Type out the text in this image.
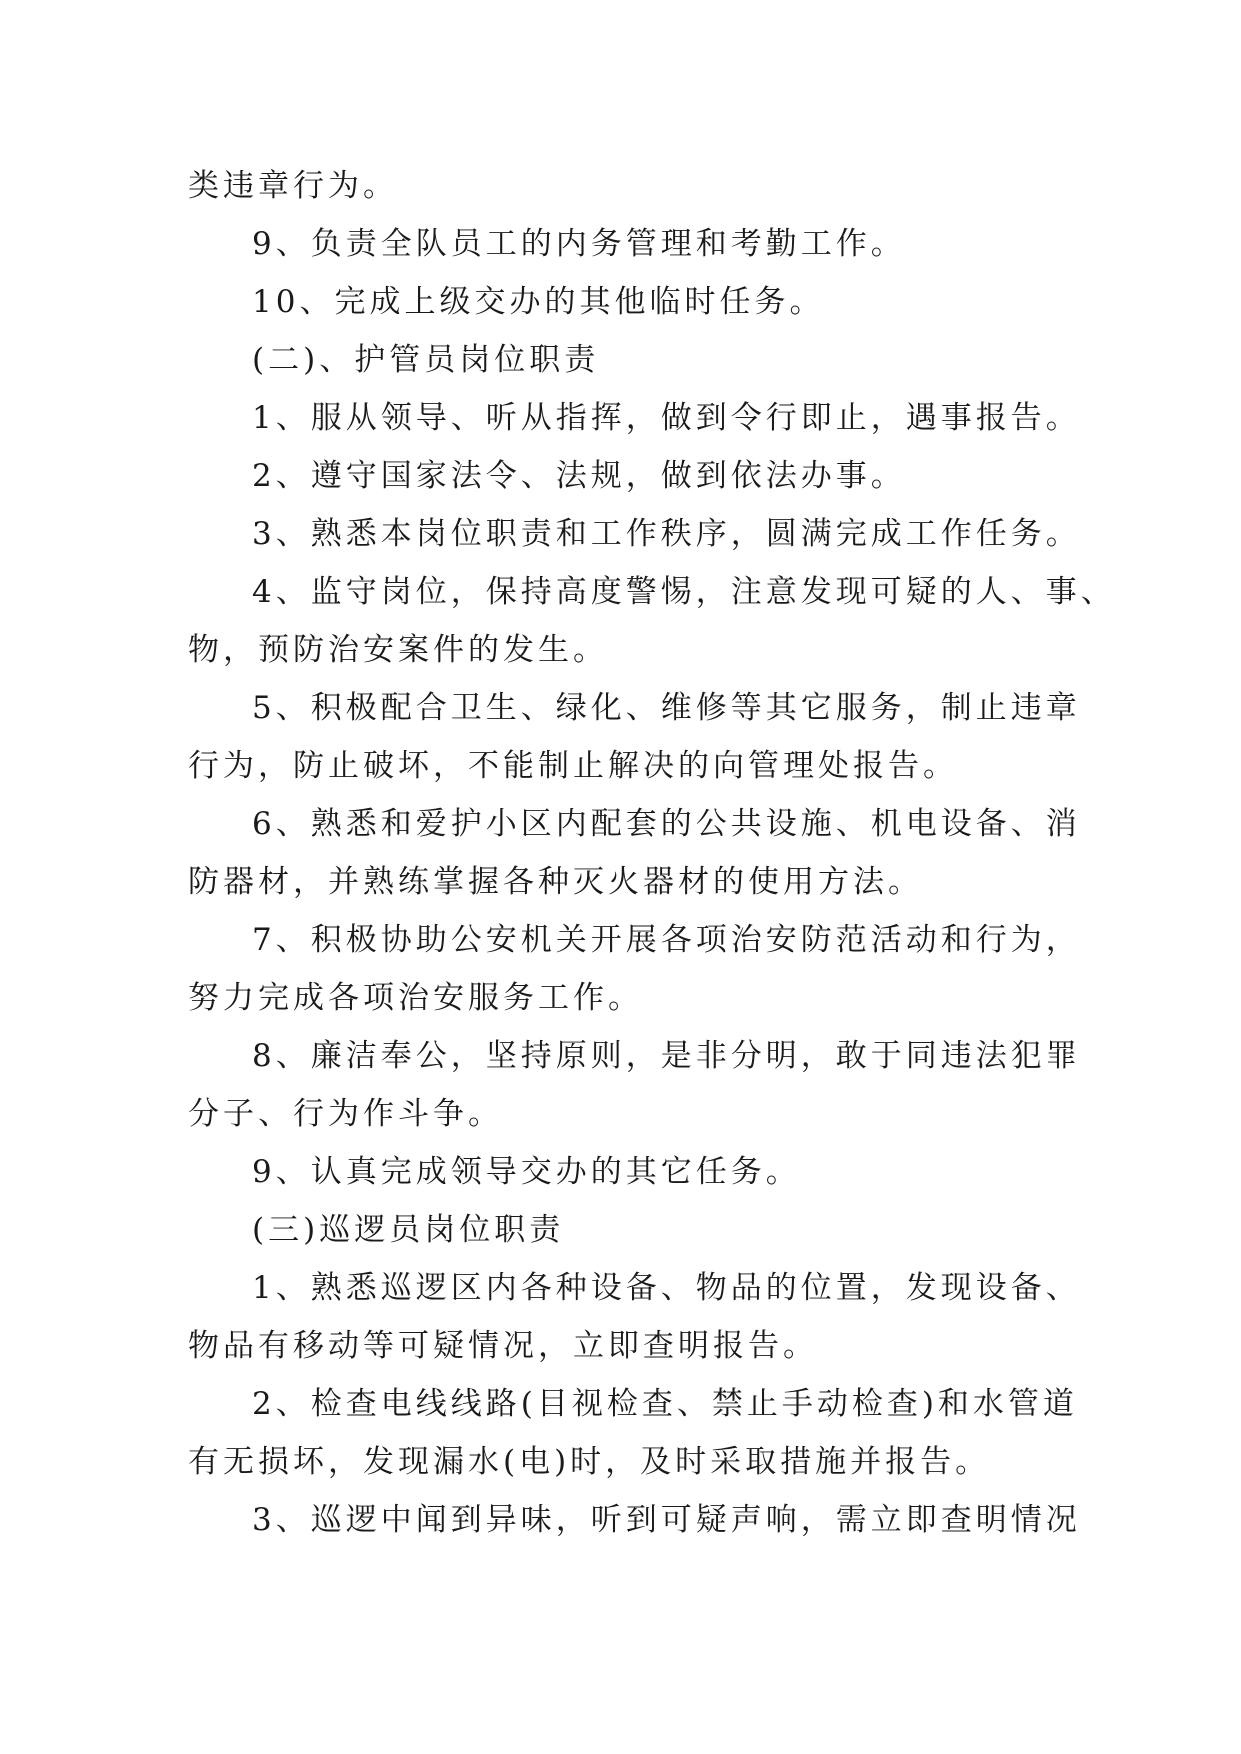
类违章行为。
9、负责全队员工的内务管理和考勤工作。
10、完成上级交办的其他临时任务。
(二)、护管员岗位职责
1、服从领导、听从指挥，做到令行即止，遇事报告。
2、遵守国家法令、法规，做到依法办事。
3、熟悉本岗位职责和工作秩序，圆满完成工作任务。
4、监守岗位，保持高度警惕，注意发现可疑的人、事、
物，预防治安案件的发生。
5、积极配合卫生、绿化、维修等其它服务，制止违章
行为，防止破坏，不能制止解决的向管理处报告。
6、熟悉和爱护小区内配套的公共设施、机电设备、消
防器材，并熟练掌握各种灭火器材的使用方法。
7、积极协助公安机关开展各项治安防范活动和行为，
努力完成各项治安服务工作。
8、廉洁奉公，坚持原则，是非分明，敢于同违法犯罪
分子、行为作斗争。
9、认真完成领导交办的其它任务。
(三)巡逻员岗位职责
1、熟悉巡逻区内各种设备、物品的位置，发现设备、
物品有移动等可疑情况，立即查明报告。
2、检查电线线路(目视检查、禁止手动检查)和水管道
有无损坏，发现漏水(电)时，及时采取措施并报告。
3、巡逻中闻到异味，听到可疑声响，需立即查明情况
